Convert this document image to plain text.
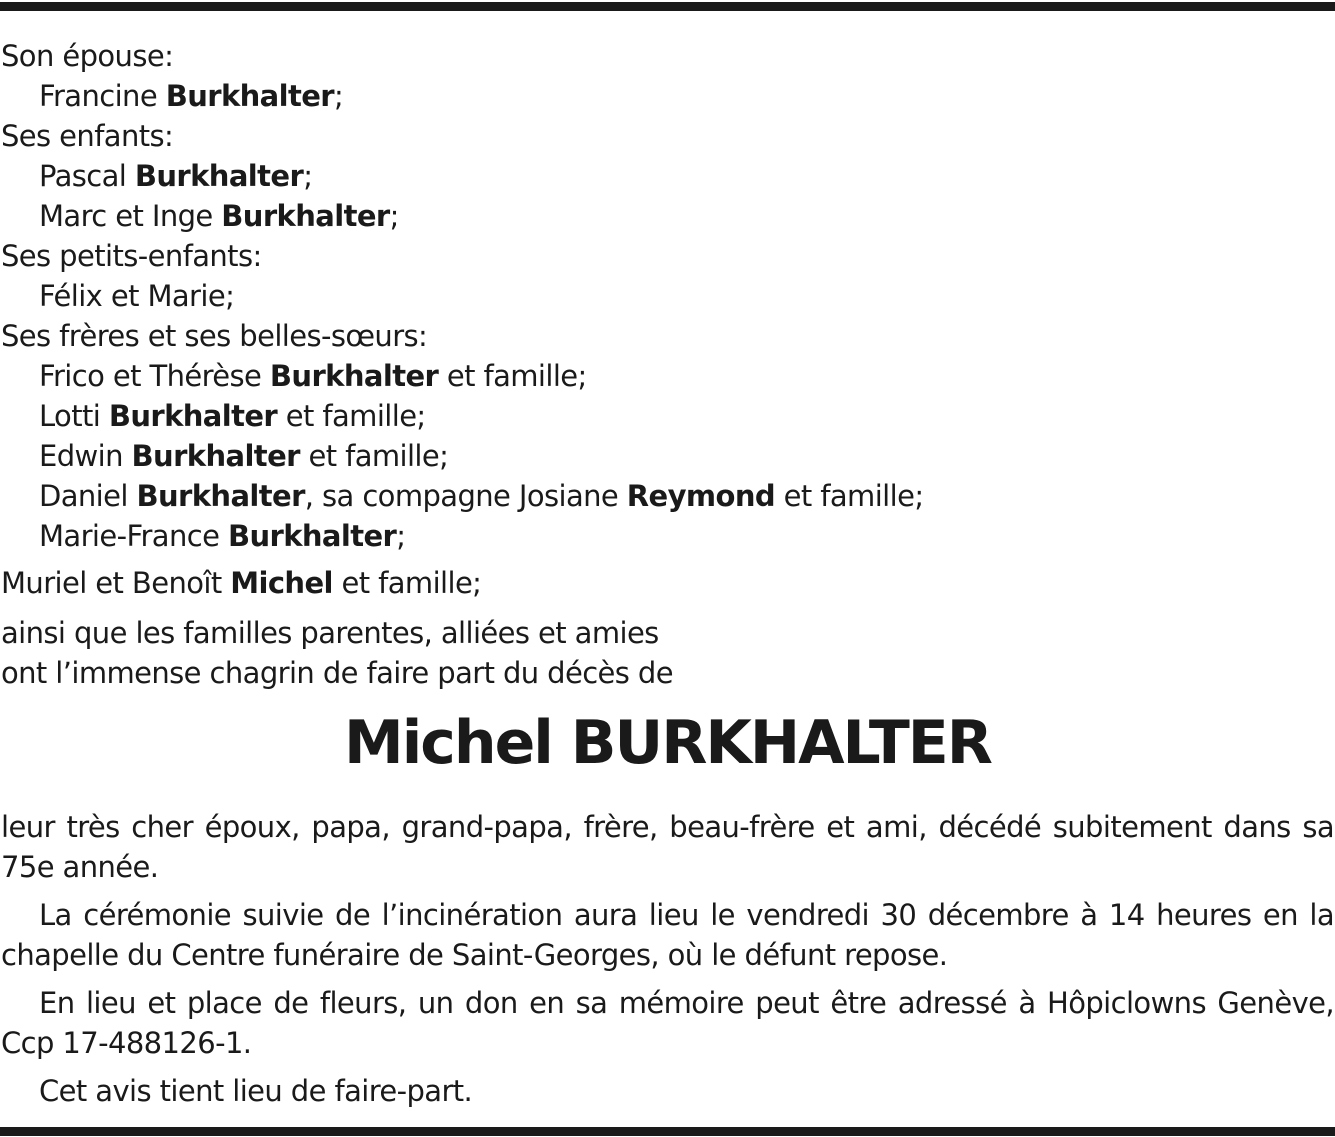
Son épouse:
Francine Burkhalter;
Ses enfants:
Pascal Burkhalter;
Marc et Inge Burkhalter;
Ses petits-enfants:
Félix et Marie;
Ses frères et ses belles-sœurs:
Frico et Thérèse Burkhalter et famille;
Lotti Burkhalter et famille;
Edwin Burkhalter et famille;
Daniel Burkhalter, sa compagne Josiane Reymond et famille;
Marie-France Burkhalter;
Muriel et Benoît Michel et famille;
ainsi que les familles parentes, alliées et amies
ont l’immense chagrin de faire part du décès de
Michel BURKHALTER

leur très cher époux, papa, grand-papa, frère, beau-frère et ami, décédé subitement dans sa 75e année.

La cérémonie suivie de l’incinération aura lieu le vendredi 30 décembre à 14 heures en la chapelle du Centre funéraire de Saint-Georges, où le défunt repose.

En lieu et place de fleurs, un don en sa mémoire peut être adressé à Hôpiclowns Genève, Ccp 17-488126-1.

Cet avis tient lieu de faire-part.
